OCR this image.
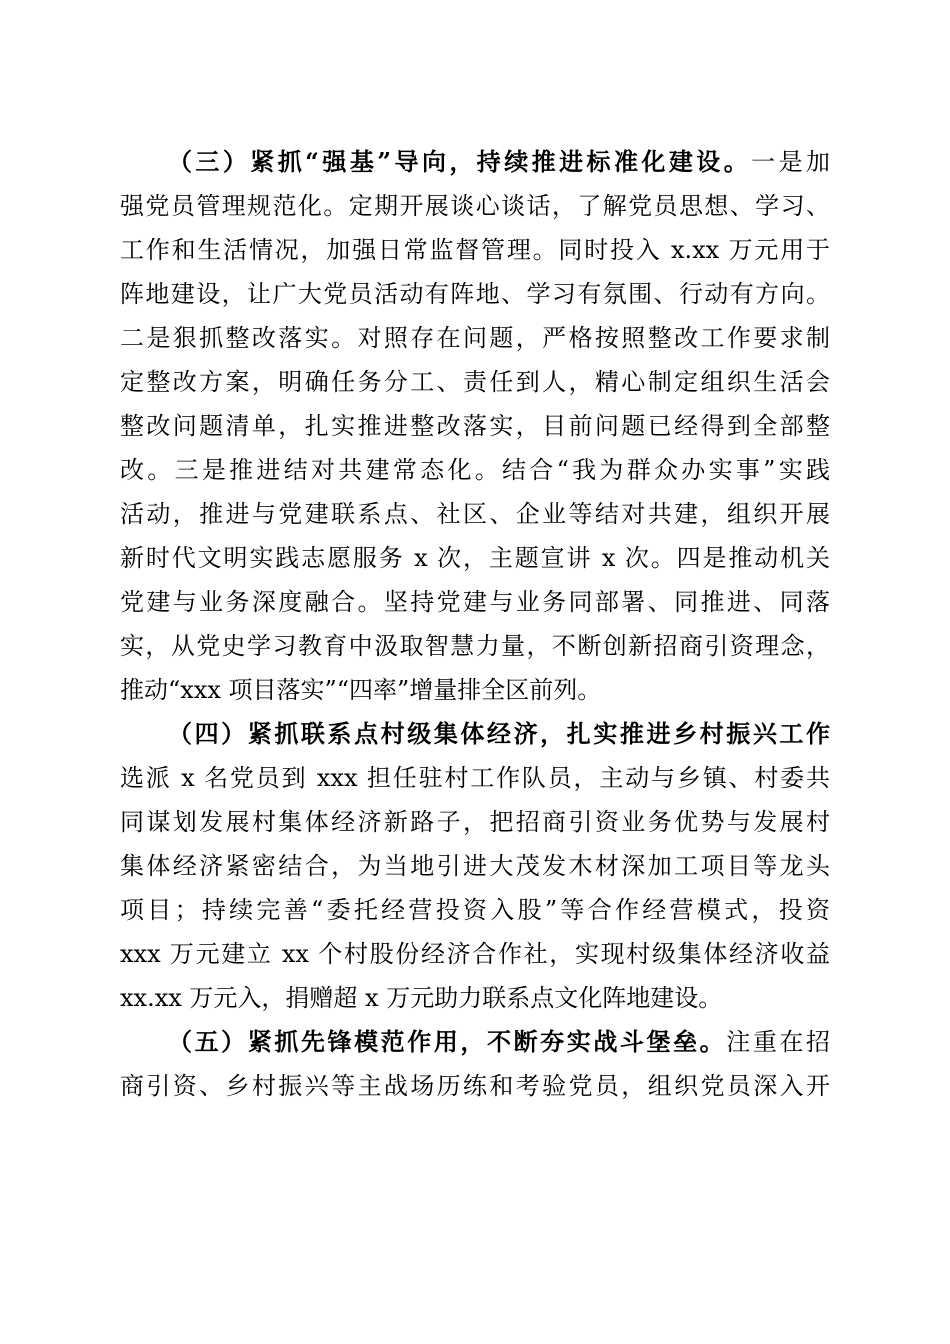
（三）紧抓“强基”导向，持续推进标准化建设。一是加
强党员管理规范化。定期开展谈心谈话，了解党员思想、学习、
工作和生活情况，加强日常监督管理。同时投入 x.xx 万元用于
阵地建设，让广大党员活动有阵地、学习有氛围、行动有方向。
二是狠抓整改落实。对照存在问题，严格按照整改工作要求制
定整改方案，明确任务分工、责任到人，精心制定组织生活会
整改问题清单，扎实推进整改落实，目前问题已经得到全部整
改。三是推进结对共建常态化。结合“我为群众办实事”实践
活动，推进与党建联系点、社区、企业等结对共建，组织开展
新时代文明实践志愿服务 x 次，主题宣讲 x 次。四是推动机关
党建与业务深度融合。坚持党建与业务同部署、同推进、同落
实，从党史学习教育中汲取智慧力量，不断创新招商引资理念，
推动“xxx 项目落实”“四率”增量排全区前列。
（四）紧抓联系点村级集体经济，扎实推进乡村振兴工作
选派 x 名党员到 xxx 担任驻村工作队员，主动与乡镇、村委共
同谋划发展村集体经济新路子，把招商引资业务优势与发展村
集体经济紧密结合，为当地引进大茂发木材深加工项目等龙头
项目；持续完善“委托经营投资入股”等合作经营模式，投资
xxx 万元建立 xx 个村股份经济合作社，实现村级集体经济收益
xx.xx 万元入，捐赠超 x 万元助力联系点文化阵地建设。
（五）紧抓先锋模范作用，不断夯实战斗堡垒。注重在招
商引资、乡村振兴等主战场历练和考验党员，组织党员深入开
